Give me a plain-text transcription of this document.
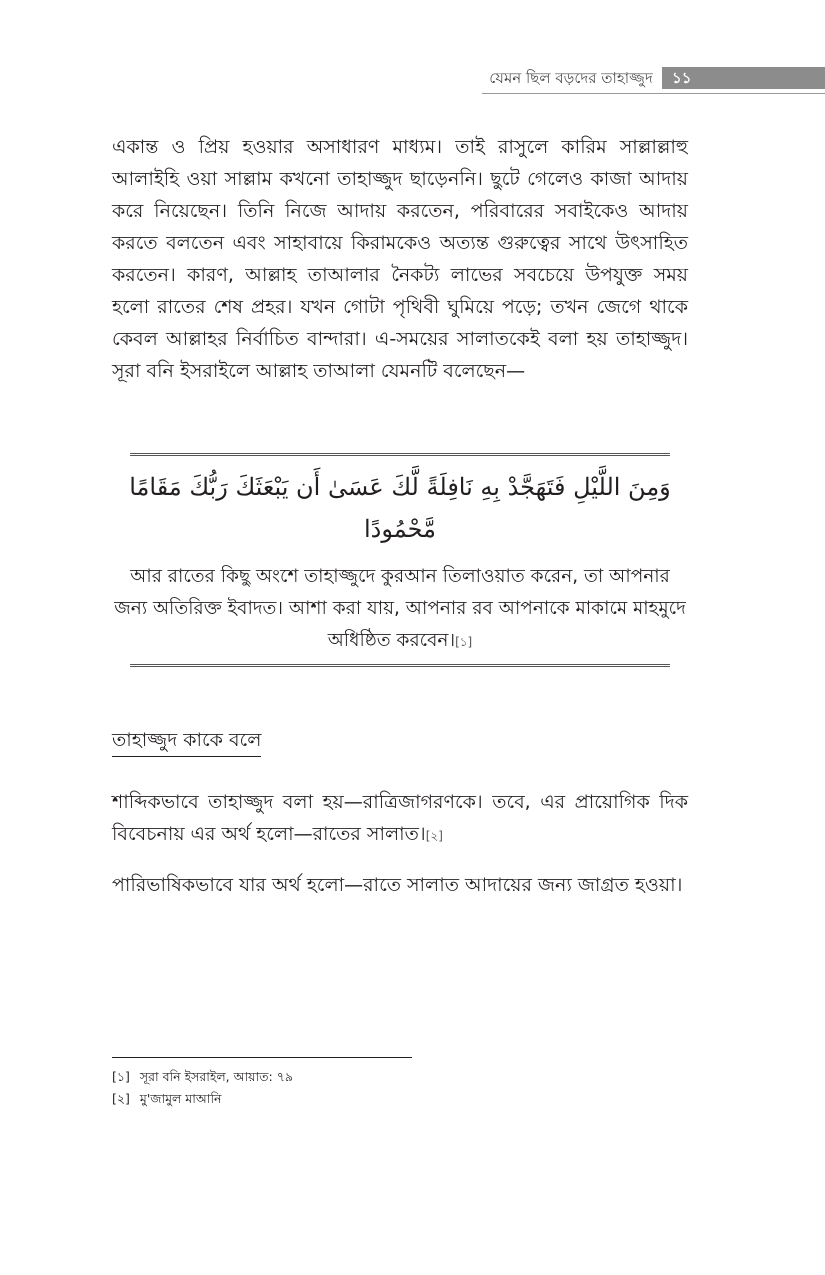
যেমন ছিল বড়দের তাহাজ্জুদ	১১

একান্ত ও প্রিয় হওয়ার অসাধারণ মাধ্যম। তাই রাসুলে কারিম সাল্লাল্লাহু আলাইহি ওয়া সাল্লাম কখনো তাহাজ্জুদ ছাড়েননি। ছুটে গেলেও কাজা আদায় করে নিয়েছেন। তিনি নিজে আদায় করতেন, পরিবারের সবাইকেও আদায় করতে বলতেন এবং সাহাবায়ে কিরামকেও অত্যন্ত গুরুত্বের সাথে উৎসাহিত করতেন। কারণ, আল্লাহ তাআলার নৈকট্য লাভের সবচেয়ে উপযুক্ত সময় হলো রাতের শেষ প্রহর। যখন গোটা পৃথিবী ঘুমিয়ে পড়ে; তখন জেগে থাকে কেবল আল্লাহর নির্বাচিত বান্দারা। এ-সময়ের সালাতকেই বলা হয় তাহাজ্জুদ। সূরা বনি ইসরাইলে আল্লাহ তাআলা যেমনটি বলেছেন—

وَمِنَ اللَّيْلِ فَتَهَجَّدْ بِهِ نَافِلَةً لَّكَ عَسَىٰ أَن يَبْعَثَكَ رَبُّكَ مَقَامًا مَّحْمُودًا

আর রাতের কিছু অংশে তাহাজ্জুদে কুরআন তিলাওয়াত করেন, তা আপনার জন্য অতিরিক্ত ইবাদত। আশা করা যায়, আপনার রব আপনাকে মাকামে মাহমুদে অধিষ্ঠিত করবেন।[১]

তাহাজ্জুদ কাকে বলে

শাব্দিকভাবে তাহাজ্জুদ বলা হয়—রাত্রিজাগরণকে। তবে, এর প্রায়োগিক দিক বিবেচনায় এর অর্থ হলো—রাতের সালাত।[২]

পারিভাষিকভাবে যার অর্থ হলো—রাতে সালাত আদায়ের জন্য জাগ্রত হওয়া।

[১] সূরা বনি ইসরাইল, আয়াত: ৭৯
[২] মু'জামুল মাআনি
